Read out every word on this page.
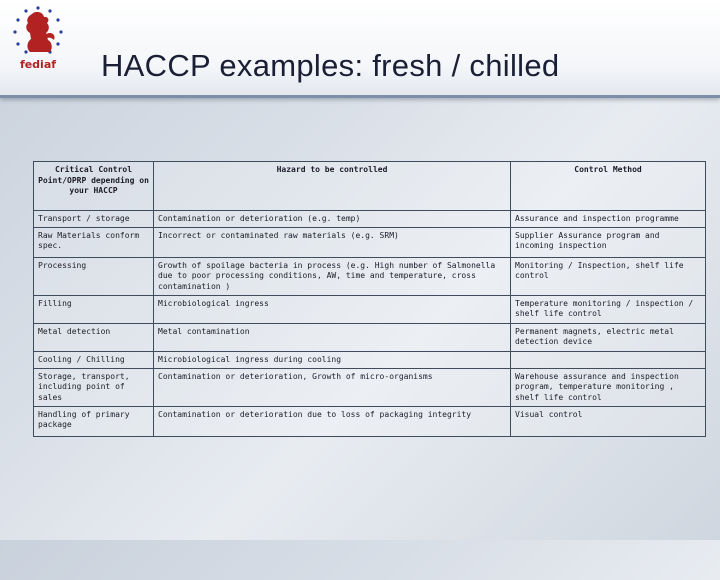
fediaf	HACCP examples: fresh / chilled

Critical Control Point/OPRP depending on your HACCP	Hazard to be controlled	Control Method
Transport / storage	Contamination or deterioration (e.g. temp)	Assurance and inspection programme
Raw Materials conform spec.	Incorrect or contaminated raw materials (e.g. SRM)	Supplier Assurance program and incoming inspection
Processing	Growth of spoilage bacteria in process (e.g. High number of Salmonella due to poor processing conditions, AW, time and temperature, cross contamination )	Monitoring / Inspection, shelf life control
Filling	Microbiological ingress	Temperature monitoring / inspection / shelf life control
Metal detection	Metal contamination	Permanent magnets, electric metal detection device
Cooling / Chilling	Microbiological ingress during cooling	
Storage, transport, including point of sales	Contamination or deterioration, Growth of micro-organisms	Warehouse assurance and inspection program, temperature monitoring , shelf life control
Handling of primary package	Contamination or deterioration due to loss of packaging integrity	Visual control
